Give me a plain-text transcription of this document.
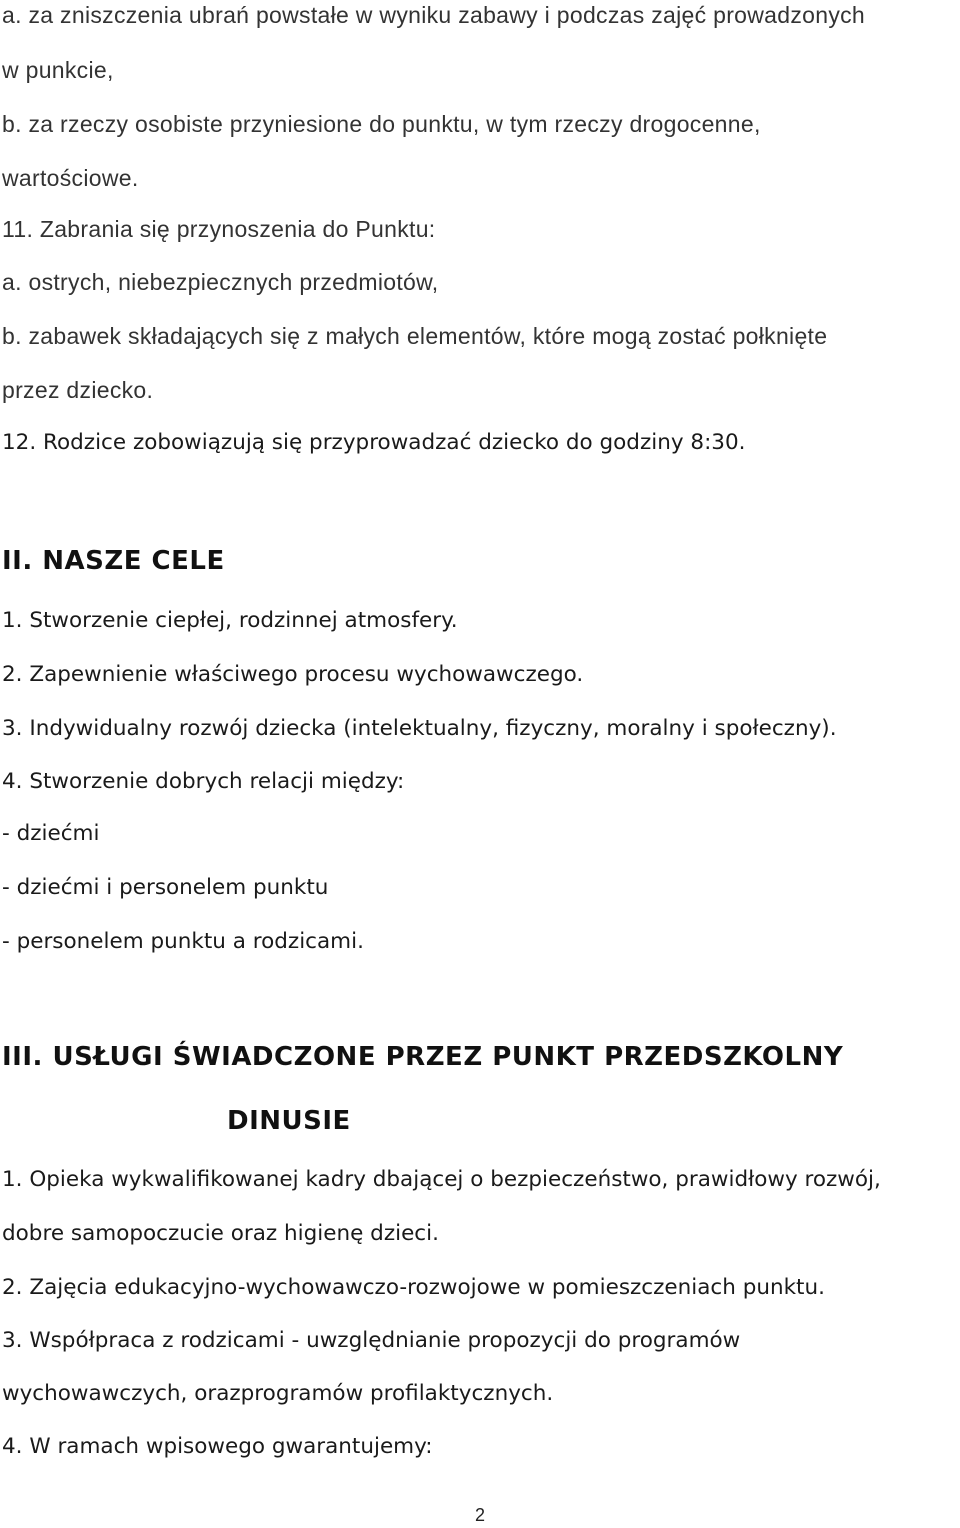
a. za zniszczenia ubrań powstałe w wyniku zabawy i podczas zajęć prowadzonych
w punkcie,
b. za rzeczy osobiste przyniesione do punktu, w tym rzeczy drogocenne,
wartościowe.
11. Zabrania się przynoszenia do Punktu:
a. ostrych, niebezpiecznych przedmiotów,
b. zabawek składających się z małych elementów, które mogą zostać połknięte
przez dziecko.
12. Rodzice zobowiązują się przyprowadzać dziecko do godziny 8:30.
II. NASZE CELE
1. Stworzenie ciepłej, rodzinnej atmosfery.
2. Zapewnienie właściwego procesu wychowawczego.
3. Indywidualny rozwój dziecka (intelektualny, fizyczny, moralny i społeczny).
4. Stworzenie dobrych relacji między:
- dziećmi
- dziećmi i personelem punktu
- personelem punktu a rodzicami.
III. USŁUGI ŚWIADCZONE PRZEZ PUNKT PRZEDSZKOLNY
DINUSIE
1. Opieka wykwalifikowanej kadry dbającej o bezpieczeństwo, prawidłowy rozwój,
dobre samopoczucie oraz higienę dzieci.
2. Zajęcia edukacyjno-wychowawczo-rozwojowe w pomieszczeniach punktu.
3. Współpraca z rodzicami - uwzględnianie propozycji do programów
wychowawczych, orazprogramów profilaktycznych.
4. W ramach wpisowego gwarantujemy:
2
